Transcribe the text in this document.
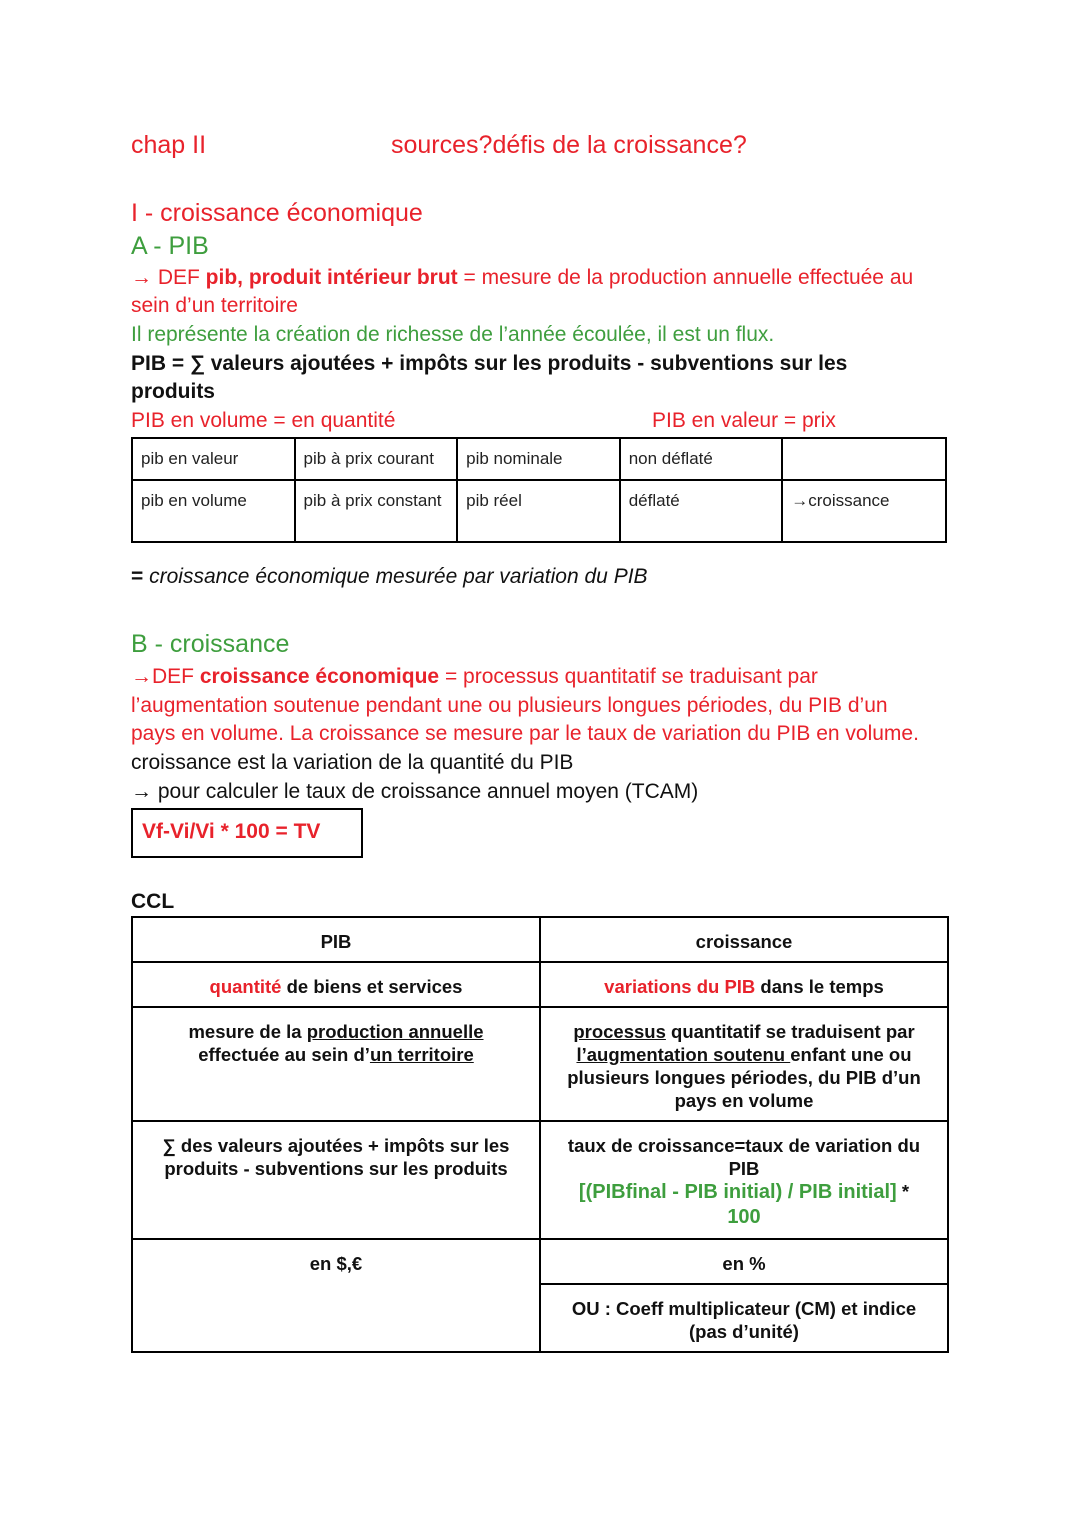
chap II	sources?défis de la croissance?
I - croissance économique
A - PIB
→ DEF pib, produit intérieur brut = mesure de la production annuelle effectuée au
sein d’un territoire
Il représente la création de richesse de l’année écoulée, il est un flux.
PIB = ∑ valeurs ajoutées + impôts sur les produits - subventions sur les
produits
PIB en volume = en quantité	PIB en valeur = prix
pib en valeur	pib à prix courant	pib nominale	non déflaté	
pib en volume	pib à prix constant	pib réel	déflaté	→croissance
= croissance économique mesurée par variation du PIB
B - croissance
→DEF croissance économique = processus quantitatif se traduisant par
l’augmentation soutenue pendant une ou plusieurs longues périodes, du PIB d’un
pays en volume. La croissance se mesure par le taux de variation du PIB en volume.
croissance est la variation de la quantité du PIB
→ pour calculer le taux de croissance annuel moyen (TCAM)
Vf-Vi/Vi * 100 = TV
CCL
PIB	croissance
quantité de biens et services	variations du PIB dans le temps
mesure de la production annuelle
effectuée au sein d’un territoire	processus quantitatif se traduisent par l’augmentation soutenu enfant une ou plusieurs longues périodes, du PIB d’un pays en volume
∑ des valeurs ajoutées + impôts sur les produits - subventions sur les produits	taux de croissance=taux de variation du PIB
[(PIBfinal - PIB initial) / PIB initial] *
100
en $,€	en %
	OU : Coeff multiplicateur (CM) et indice (pas d’unité)
